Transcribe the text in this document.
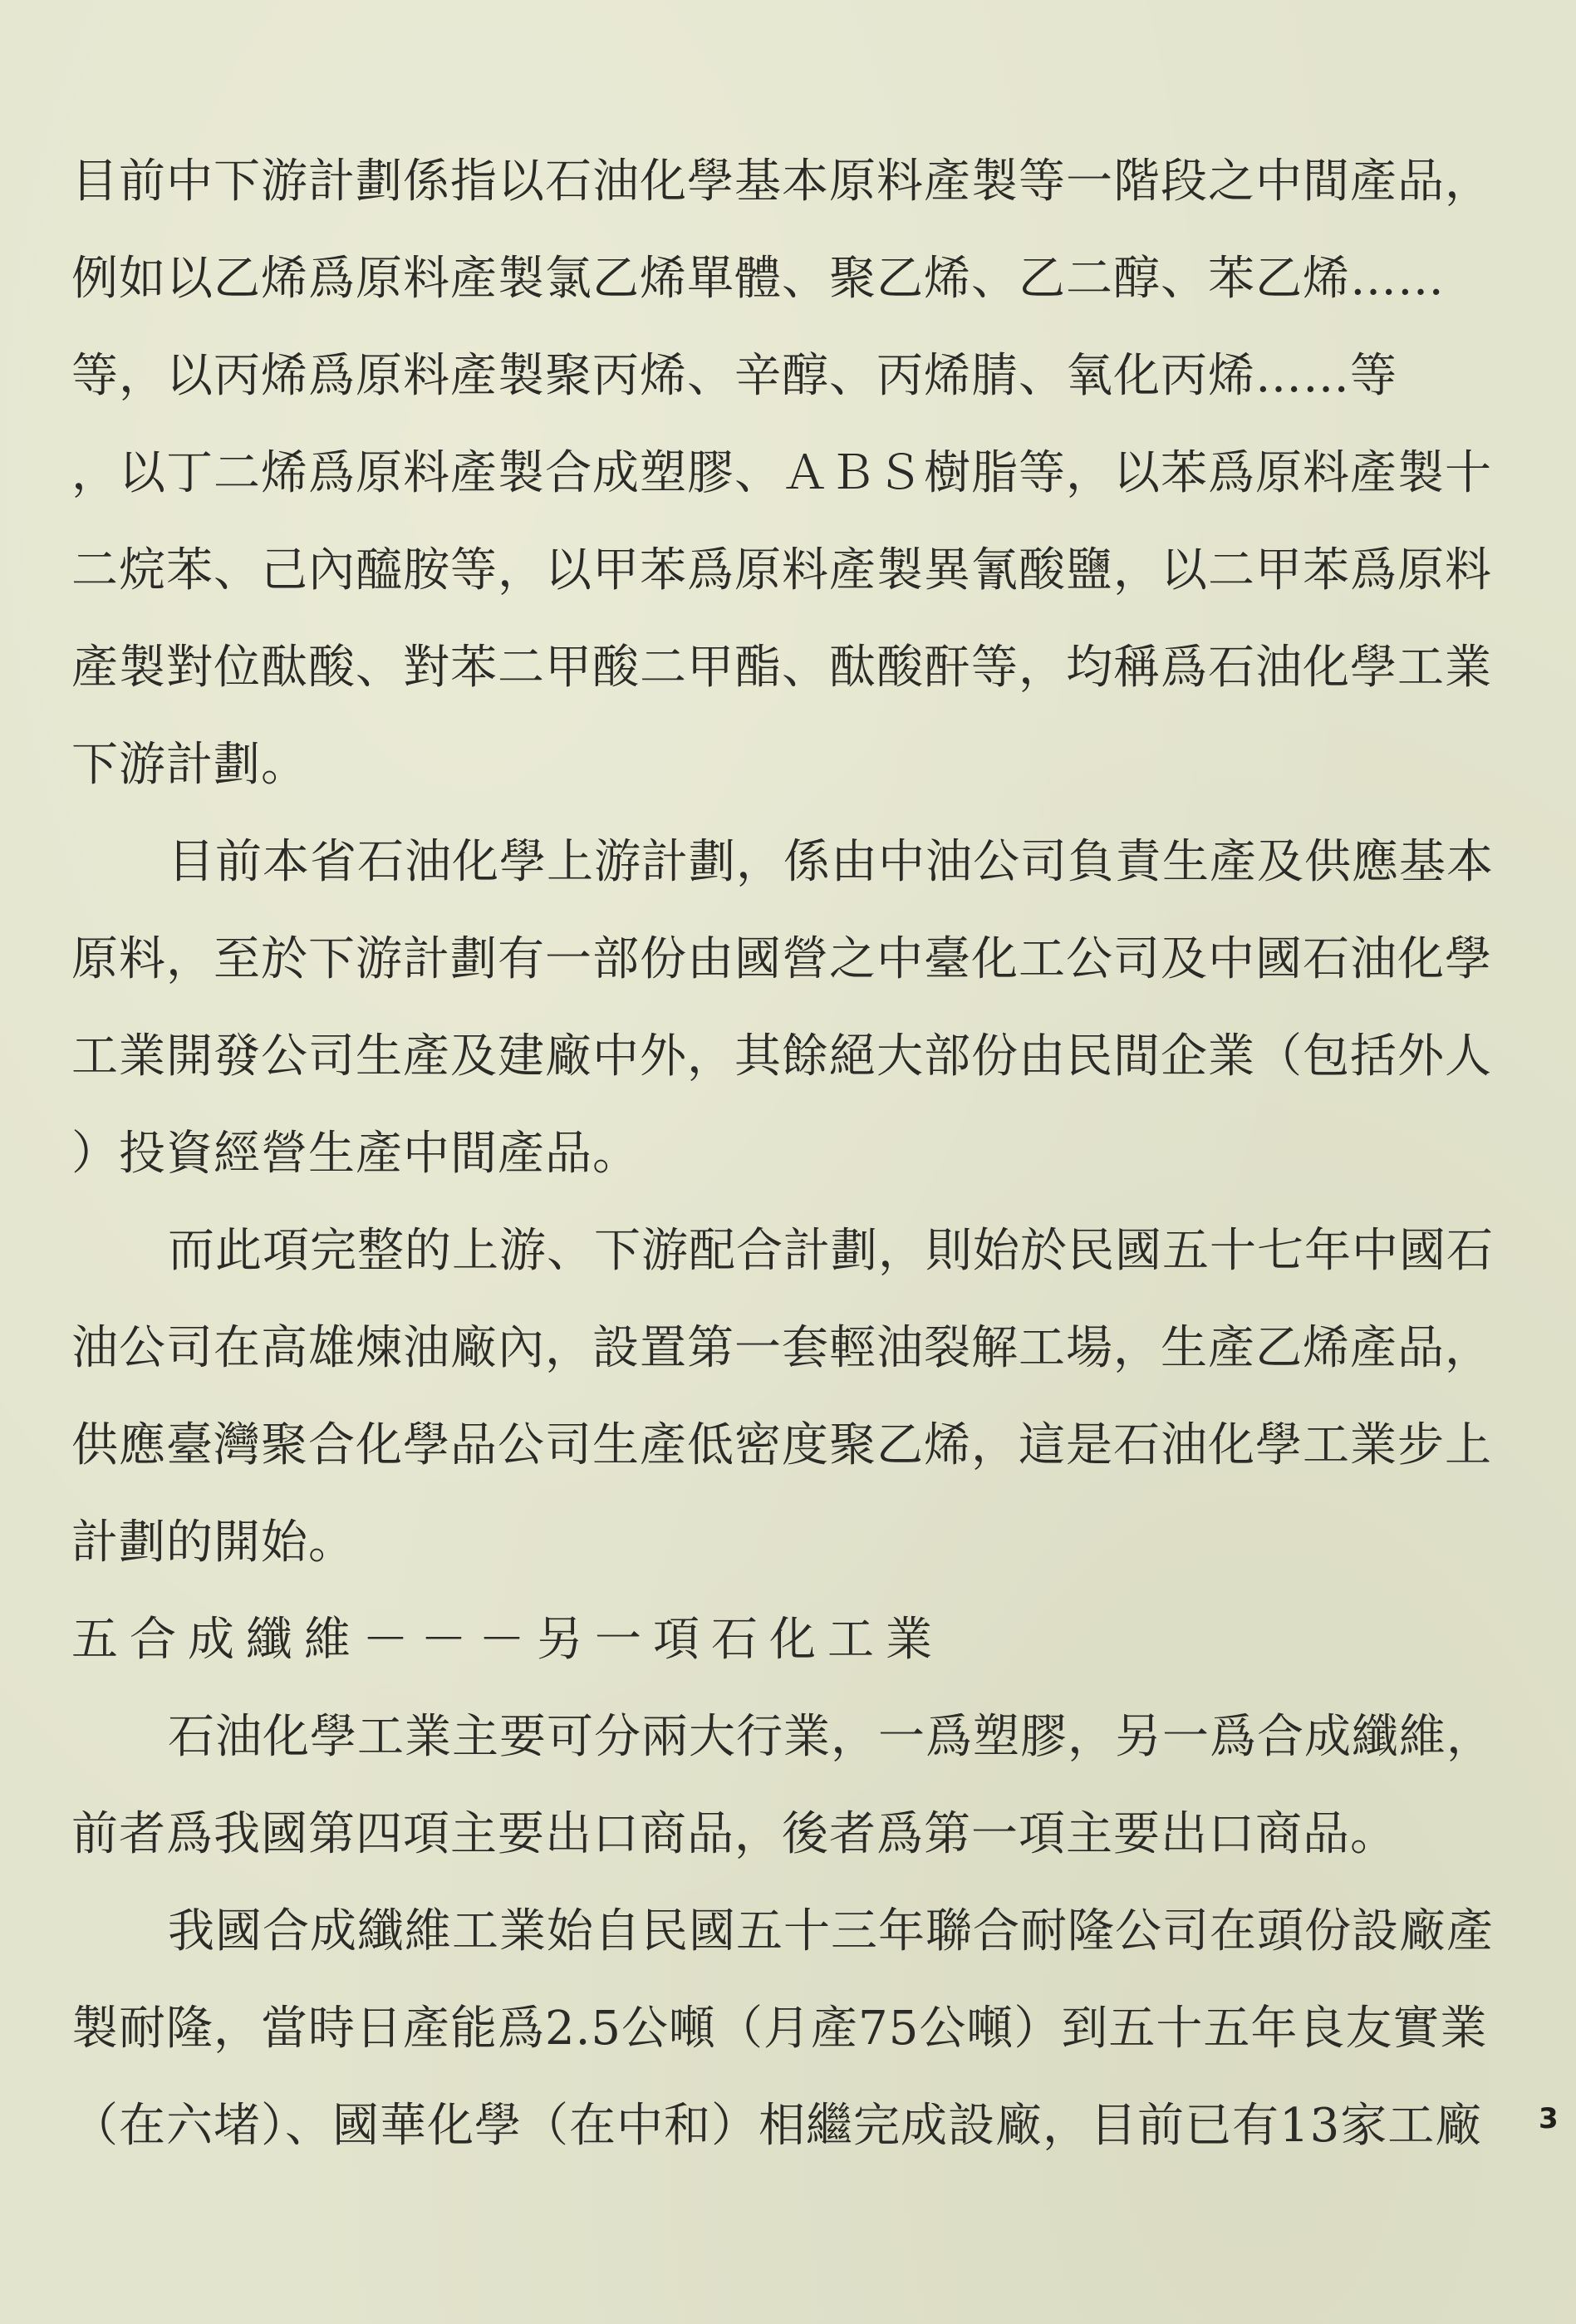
目前中下游計劃係指以石油化學基本原料產製等一階段之中間產品，
例如以乙烯爲原料產製氯乙烯單體、聚乙烯、乙二醇、苯乙烯……
等，以丙烯爲原料產製聚丙烯、辛醇、丙烯腈、氧化丙烯……等
，以丁二烯爲原料產製合成塑膠、ＡＢＳ樹脂等，以苯爲原料產製十
二烷苯、己內醯胺等，以甲苯爲原料產製異氰酸鹽，以二甲苯爲原料
產製對位酞酸、對苯二甲酸二甲酯、酞酸酐等，均稱爲石油化學工業
下游計劃。
目前本省石油化學上游計劃，係由中油公司負責生產及供應基本
原料，至於下游計劃有一部份由國營之中臺化工公司及中國石油化學
工業開發公司生產及建廠中外，其餘絕大部份由民間企業（包括外人
）投資經營生產中間產品。
而此項完整的上游、下游配合計劃，則始於民國五十七年中國石
油公司在高雄煉油廠內，設置第一套輕油裂解工場，生產乙烯產品，
供應臺灣聚合化學品公司生產低密度聚乙烯，這是石油化學工業步上
計劃的開始。
五合成纖維－－－另一項石化工業
石油化學工業主要可分兩大行業，一爲塑膠，另一爲合成纖維，
前者爲我國第四項主要出口商品，後者爲第一項主要出口商品。
我國合成纖維工業始自民國五十三年聯合耐隆公司在頭份設廠產
製耐隆，當時日產能爲2.5公噸（月產75公噸）到五十五年良友實業
（在六堵）、國華化學（在中和）相繼完成設廠，目前已有13家工廠 3
